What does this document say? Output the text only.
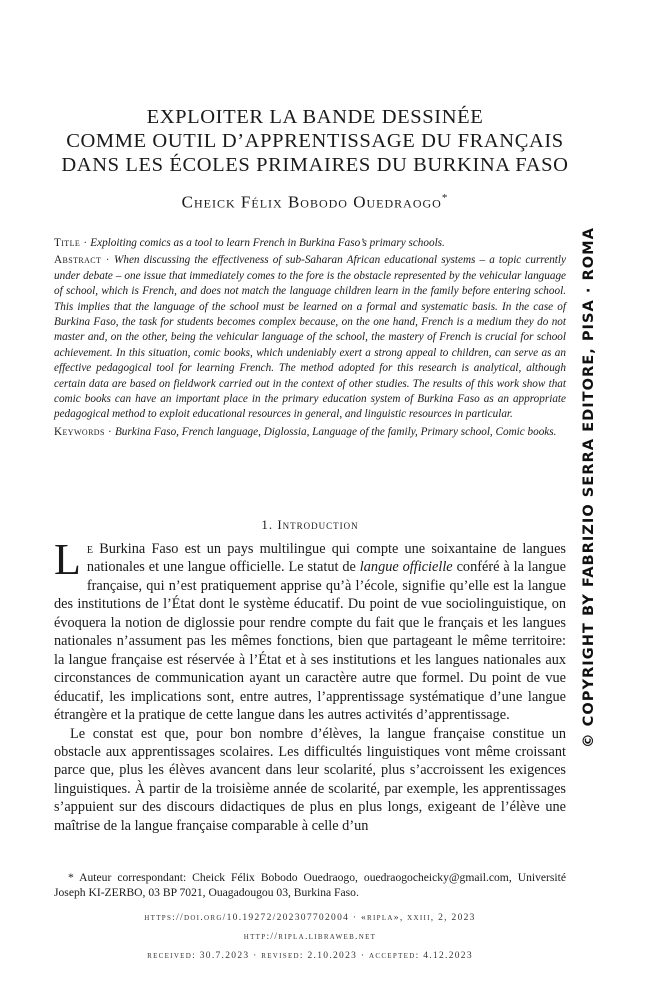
EXPLOITER LA BANDE DESSINÉE
COMME OUTIL D’APPRENTISSAGE DU FRANÇAIS
DANS LES ÉCOLES PRIMAIRES DU BURKINA FASO
Cheick Félix Bobodo Ouedraogo*

Title · Exploiting comics as a tool to learn French in Burkina Faso’s primary schools.

Abstract · When discussing the effectiveness of sub-Saharan African educational systems – a topic currently under debate – one issue that immediately comes to the fore is the obstacle represented by the vehicular language of school, which is French, and does not match the language children learn in the family before entering school. This implies that the language of the school must be learned on a formal and systematic basis. In the case of Burkina Faso, the task for students becomes complex because, on the one hand, French is a medium they do not master and, on the other, being the vehicular language of the school, the mastery of French is crucial for school achievement. In this situation, comic books, which undeniably exert a strong appeal to children, can serve as an effective pedagogical tool for learning French. The method adopted for this research is analytical, although certain data are based on fieldwork carried out in the context of other studies. The results of this work show that comic books can have an important place in the primary education system of Burkina Faso as an appropriate pedagogical method to exploit educational resources in general, and linguistic resources in particular.

Keywords · Burkina Faso, French language, Diglossia, Language of the family, Primary school, Comic books.

1. Introduction

Le Burkina Faso est un pays multilingue qui compte une soixantaine de langues nationales et une langue officielle. Le statut de langue officielle conféré à la langue française, qui n’est pratiquement apprise qu’à l’école, signifie qu’elle est la langue des institutions de l’État dont le système éducatif. Du point de vue sociolinguistique, on évoquera la notion de diglossie pour rendre compte du fait que le français et les langues nationales n’assument pas les mêmes fonctions, bien que partageant le même territoire: la langue française est réservée à l’État et à ses institutions et les langues nationales aux circonstances de communication ayant un caractère autre que formel. Du point de vue éducatif, les implications sont, entre autres, l’apprentissage systématique d’une langue étrangère et la pratique de cette langue dans les autres activités d’apprentissage.

Le constat est que, pour bon nombre d’élèves, la langue française constitue un obstacle aux apprentissages scolaires. Les difficultés linguistiques vont même croissant parce que, plus les élèves avancent dans leur scolarité, plus s’accroissent les exigences linguistiques. À partir de la troisième année de scolarité, par exemple, les apprentissages s’appuient sur des discours didactiques de plus en plus longs, exigeant de l’élève une maîtrise de la langue française comparable à celle d’un

* Auteur correspondant: Cheick Félix Bobodo Ouedraogo, ouedraogocheicky@gmail.com, Université Joseph KI-ZERBO, 03 BP 7021, Ouagadougou 03, Burkina Faso.
https://doi.org/10.19272/202307702004 · «ripla», xxiii, 2, 2023
http://ripla.libraweb.net
received: 30.7.2023 · revised: 2.10.2023 · accepted: 4.12.2023
© COPYRIGHT BY FABRIZIO SERRA EDITORE, PISA · ROMA
